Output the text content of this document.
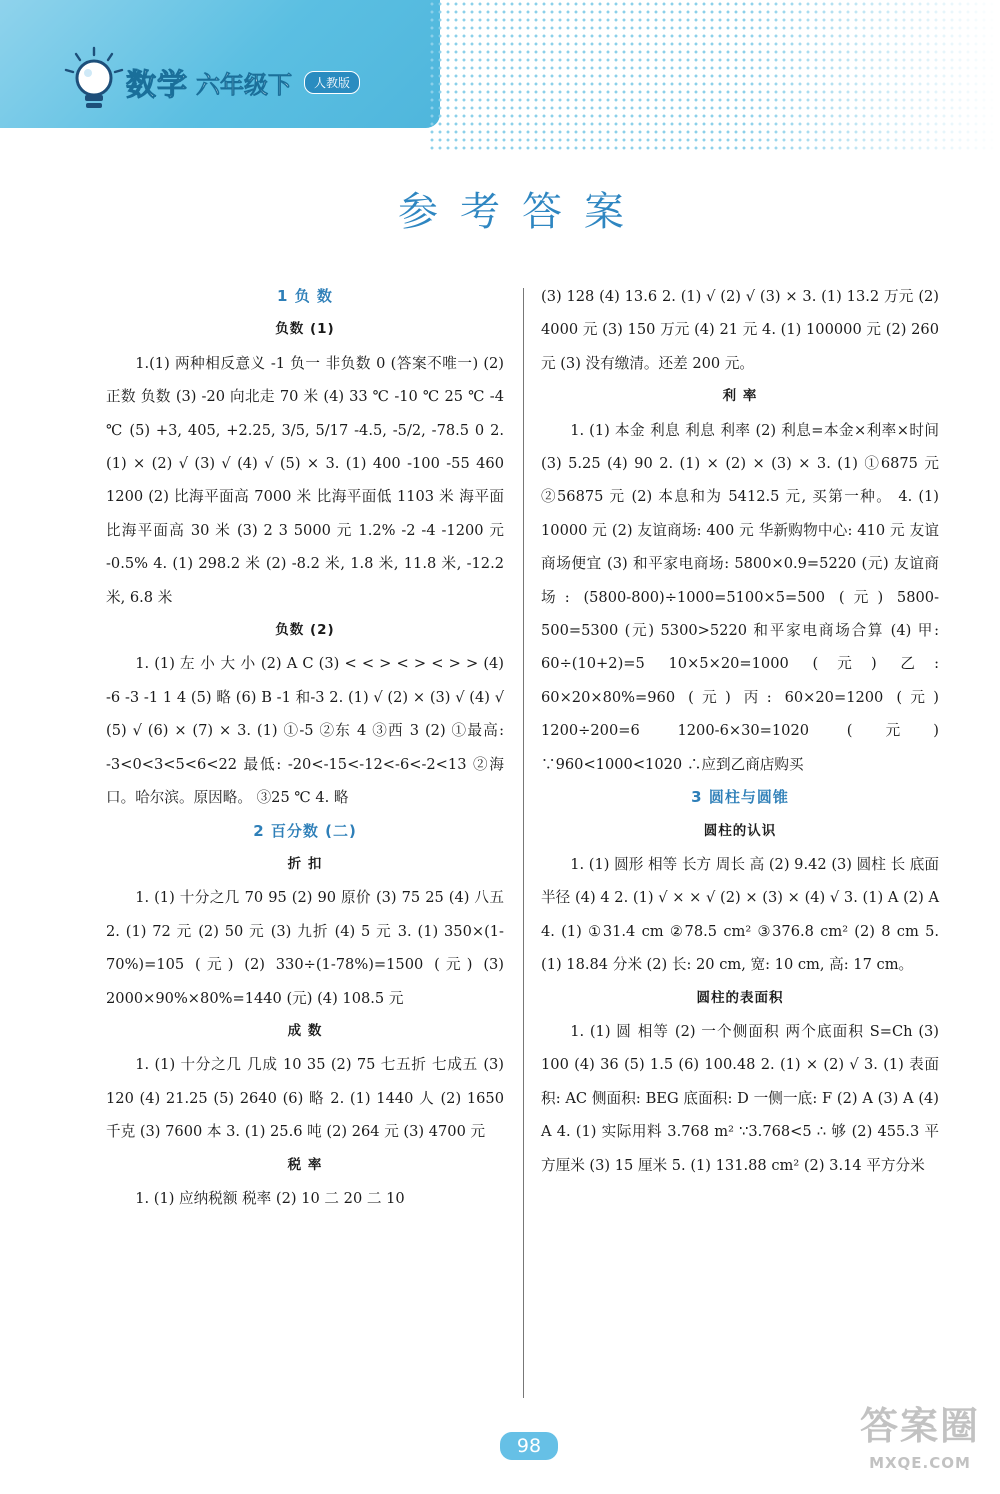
数学 六年级下	人教版
参考答案
1 负 数
负数 (1)
1.(1) 两种相反意义 -1 负一 非负数 0 (答案不唯一) (2) 正数 负数 (3) -20 向北走 70 米 (4) 33 ℃ -10 ℃ 25 ℃ -4 ℃ (5) +3, 405, +2.25, 3/5, 5/17 -4.5, -5/2, -78.5 0 2. (1) × (2) √ (3) √ (4) √ (5) × 3. (1) 400 -100 -55 460 1200 (2) 比海平面高 7000 米 比海平面低 1103 米 海平面 比海平面高 30 米 (3) 2 3 5000 元 1.2% -2 -4 -1200 元 -0.5% 4. (1) 298.2 米 (2) -8.2 米, 1.8 米, 11.8 米, -12.2 米, 6.8 米
负数 (2)
1. (1) 左 小 大 小 (2) A C (3) < < > < > < > > (4) -6 -3 -1 1 4 (5) 略 (6) B -1 和-3 2. (1) √ (2) × (3) √ (4) √ (5) √ (6) × (7) × 3. (1) ①-5 ②东 4 ③西 3 (2) ①最高: -3<0<3<5<6<22 最低: -20<-15<-12<-6<-2<13 ②海口。哈尔滨。原因略。 ③25 ℃ 4. 略
2 百分数 (二)
折 扣
1. (1) 十分之几 70 95 (2) 90 原价 (3) 75 25 (4) 八五 2. (1) 72 元 (2) 50 元 (3) 九折 (4) 5 元 3. (1) 350×(1-70%)=105 (元) (2) 330÷(1-78%)=1500 (元) (3) 2000×90%×80%=1440 (元) (4) 108.5 元
成 数
1. (1) 十分之几 几成 10 35 (2) 75 七五折 七成五 (3) 120 (4) 21.25 (5) 2640 (6) 略 2. (1) 1440 人 (2) 1650 千克 (3) 7600 本 3. (1) 25.6 吨 (2) 264 元 (3) 4700 元
税 率
1. (1) 应纳税额 税率 (2) 10 二 20 二 10
(3) 128 (4) 13.6 2. (1) √ (2) √ (3) × 3. (1) 13.2 万元 (2) 4000 元 (3) 150 万元 (4) 21 元 4. (1) 100000 元 (2) 260 元 (3) 没有缴清。还差 200 元。
利 率
1. (1) 本金 利息 利息 利率 (2) 利息=本金×利率×时间 (3) 5.25 (4) 90 2. (1) × (2) × (3) × 3. (1) ①6875 元 ②56875 元 (2) 本息和为 5412.5 元, 买第一种。 4. (1) 10000 元 (2) 友谊商场: 400 元 华新购物中心: 410 元 友谊商场便宜 (3) 和平家电商场: 5800×0.9=5220 (元) 友谊商场: (5800-800)÷1000=5100×5=500 (元) 5800-500=5300 (元) 5300>5220 和平家电商场合算 (4) 甲: 60÷(10+2)=5 10×5×20=1000 (元) 乙: 60×20×80%=960 (元) 丙: 60×20=1200 (元) 1200÷200=6 1200-6×30=1020 (元) ∵960<1000<1020 ∴应到乙商店购买
3 圆柱与圆锥
圆柱的认识
1. (1) 圆形 相等 长方 周长 高 (2) 9.42 (3) 圆柱 长 底面半径 (4) 4 2. (1) √ × × √ (2) × (3) × (4) √ 3. (1) A (2) A 4. (1) ①31.4 cm ②78.5 cm² ③376.8 cm² (2) 8 cm 5. (1) 18.84 分米 (2) 长: 20 cm, 宽: 10 cm, 高: 17 cm。
圆柱的表面积
1. (1) 圆 相等 (2) 一个侧面积 两个底面积 S=Ch (3) 100 (4) 36 (5) 1.5 (6) 100.48 2. (1) × (2) √ 3. (1) 表面积: AC 侧面积: BEG 底面积: D 一侧一底: F (2) A (3) A (4) A 4. (1) 实际用料 3.768 m² ∵3.768<5 ∴ 够 (2) 455.3 平方厘米 (3) 15 厘米 5. (1) 131.88 cm² (2) 3.14 平方分米
98	答案圈
MXQE.COM
